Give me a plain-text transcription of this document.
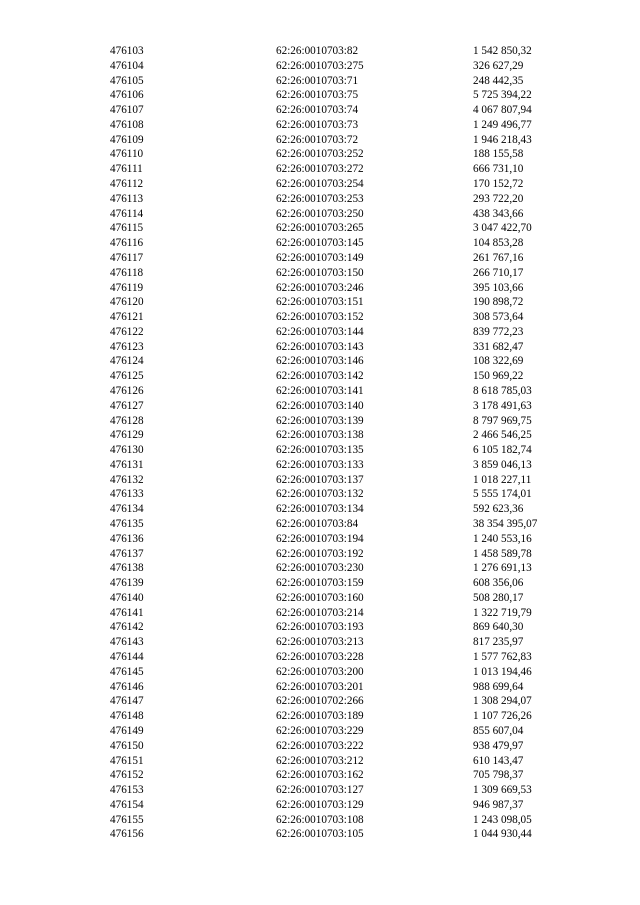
476103	62:26:0010703:82	1 542 850,32
476104	62:26:0010703:275	326 627,29
476105	62:26:0010703:71	248 442,35
476106	62:26:0010703:75	5 725 394,22
476107	62:26:0010703:74	4 067 807,94
476108	62:26:0010703:73	1 249 496,77
476109	62:26:0010703:72	1 946 218,43
476110	62:26:0010703:252	188 155,58
476111	62:26:0010703:272	666 731,10
476112	62:26:0010703:254	170 152,72
476113	62:26:0010703:253	293 722,20
476114	62:26:0010703:250	438 343,66
476115	62:26:0010703:265	3 047 422,70
476116	62:26:0010703:145	104 853,28
476117	62:26:0010703:149	261 767,16
476118	62:26:0010703:150	266 710,17
476119	62:26:0010703:246	395 103,66
476120	62:26:0010703:151	190 898,72
476121	62:26:0010703:152	308 573,64
476122	62:26:0010703:144	839 772,23
476123	62:26:0010703:143	331 682,47
476124	62:26:0010703:146	108 322,69
476125	62:26:0010703:142	150 969,22
476126	62:26:0010703:141	8 618 785,03
476127	62:26:0010703:140	3 178 491,63
476128	62:26:0010703:139	8 797 969,75
476129	62:26:0010703:138	2 466 546,25
476130	62:26:0010703:135	6 105 182,74
476131	62:26:0010703:133	3 859 046,13
476132	62:26:0010703:137	1 018 227,11
476133	62:26:0010703:132	5 555 174,01
476134	62:26:0010703:134	592 623,36
476135	62:26:0010703:84	38 354 395,07
476136	62:26:0010703:194	1 240 553,16
476137	62:26:0010703:192	1 458 589,78
476138	62:26:0010703:230	1 276 691,13
476139	62:26:0010703:159	608 356,06
476140	62:26:0010703:160	508 280,17
476141	62:26:0010703:214	1 322 719,79
476142	62:26:0010703:193	869 640,30
476143	62:26:0010703:213	817 235,97
476144	62:26:0010703:228	1 577 762,83
476145	62:26:0010703:200	1 013 194,46
476146	62:26:0010703:201	988 699,64
476147	62:26:0010702:266	1 308 294,07
476148	62:26:0010703:189	1 107 726,26
476149	62:26:0010703:229	855 607,04
476150	62:26:0010703:222	938 479,97
476151	62:26:0010703:212	610 143,47
476152	62:26:0010703:162	705 798,37
476153	62:26:0010703:127	1 309 669,53
476154	62:26:0010703:129	946 987,37
476155	62:26:0010703:108	1 243 098,05
476156	62:26:0010703:105	1 044 930,44
